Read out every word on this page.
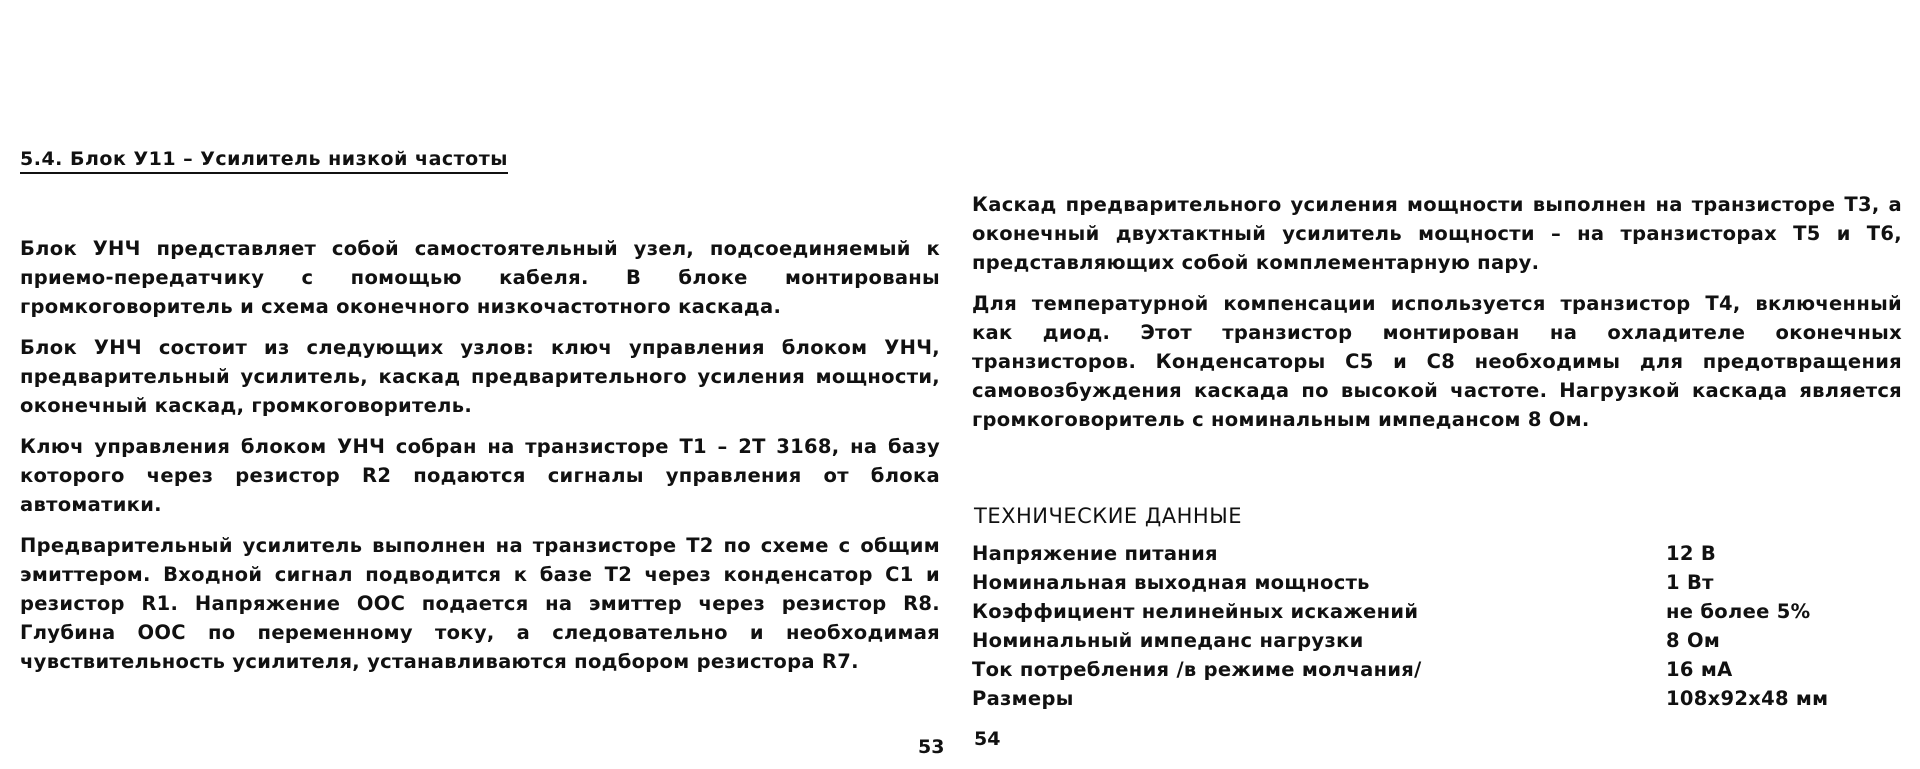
5.4. Блок У11 – Усилитель низкой частоты

Блок УНЧ представляет собой самостоятельный узел, подсоединяемый к приемо-передатчику с помощью кабеля. В блоке монтированы громкоговоритель и схема оконечного низкочастотного каскада.

Блок УНЧ состоит из следующих узлов: ключ управления блоком УНЧ, предварительный усилитель, каскад предварительного усиления мощности, оконечный каскад, громкоговоритель.

Ключ управления блоком УНЧ собран на транзисторе Т1 – 2Т 3168, на базу которого через резистор R2 подаются сигналы управления от блока автоматики.

Предварительный усилитель выполнен на транзисторе Т2 по схеме с общим эмиттером. Входной сигнал подводится к базе Т2 через конденсатор С1 и резистор R1. Напряжение ООС подается на эмиттер через резистор R8. Глубина ООС по переменному току, а следовательно и необходимая чувствительность усилителя, устанавливаются подбором резистора R7.

53

Каскад предварительного усиления мощности выполнен на транзисторе Т3, а оконечный двухтактный усилитель мощности – на транзисторах Т5 и Т6, представляющих собой комплементарную пару.

Для температурной компенсации используется транзистор Т4, включенный как диод. Этот транзистор монтирован на охладителе оконечных транзисторов. Конденсаторы С5 и С8 необходимы для предотвращения самовозбуждения каскада по высокой частоте. Нагрузкой каскада является громкоговоритель с номинальным импедансом 8 Ом.

ТЕХНИЧЕСКИЕ ДАННЫЕ
Напряжение питания	12 В
Номинальная выходная мощность	1 Вт
Коэффициент нелинейных искажений	не более 5%
Номинальный импеданс нагрузки	8 Ом
Ток потребления /в режиме молчания/	16 мА
Размеры	108х92х48 мм
54
